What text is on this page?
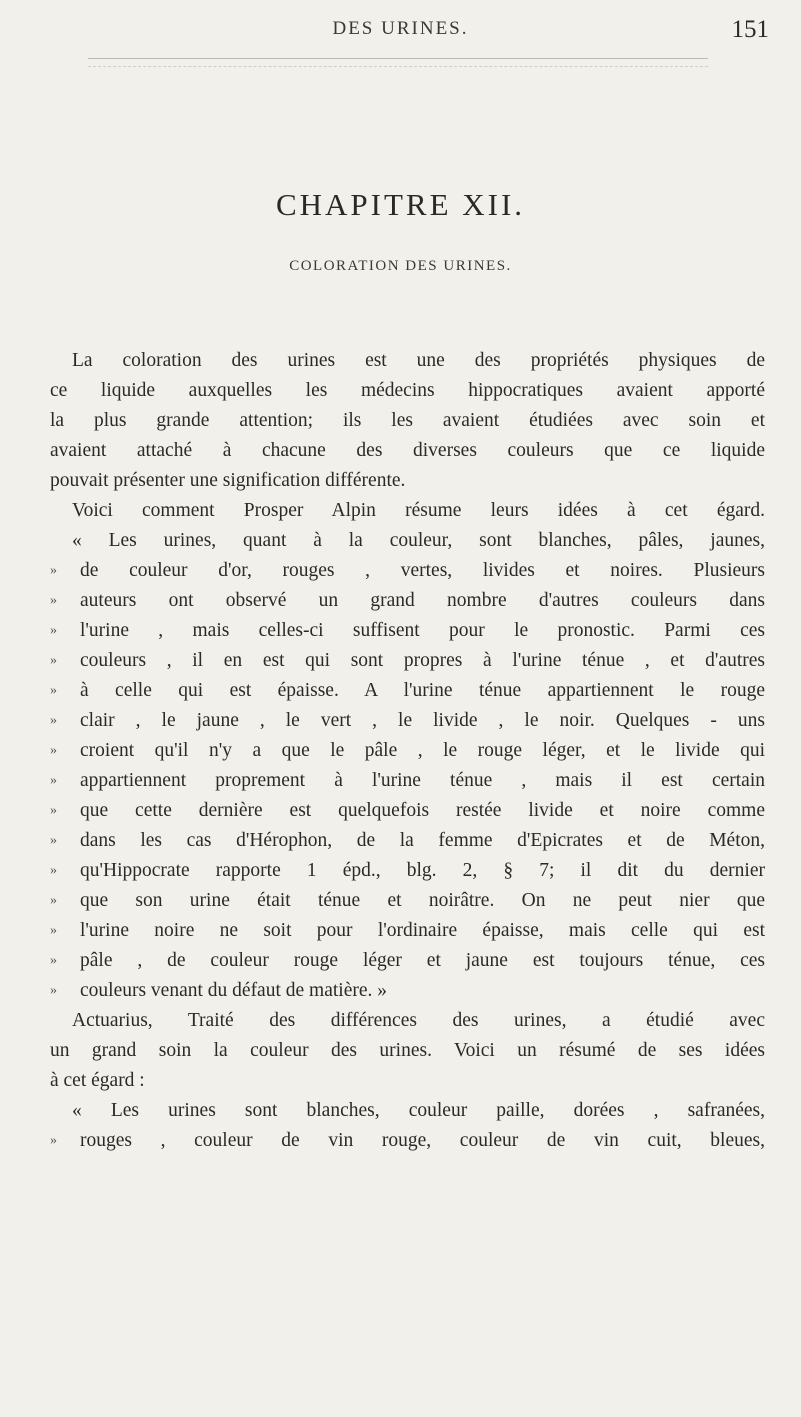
DES URINES.	151
CHAPITRE XII.
COLORATION DES URINES.
La coloration des urines est une des propriétés physiques de
ce liquide auxquelles les médecins hippocratiques avaient apporté
la plus grande attention; ils les avaient étudiées avec soin et
avaient attaché à chacune des diverses couleurs que ce liquide
pouvait présenter une signification différente.
Voici comment Prosper Alpin résume leurs idées à cet égard.
« Les urines, quant à la couleur, sont blanches, pâles, jaunes,
»	de couleur d'or, rouges , vertes, livides et noires. Plusieurs
»	auteurs ont observé un grand nombre d'autres couleurs dans
»	l'urine , mais celles-ci suffisent pour le pronostic. Parmi ces
»	couleurs , il en est qui sont propres à l'urine ténue , et d'autres
»	à celle qui est épaisse. A l'urine ténue appartiennent le rouge
»	clair , le jaune , le vert , le livide , le noir. Quelques - uns
»	croient qu'il n'y a que le pâle , le rouge léger, et le livide qui
»	appartiennent proprement à l'urine ténue , mais il est certain
»	que cette dernière est quelquefois restée livide et noire comme
»	dans les cas d'Hérophon, de la femme d'Epicrates et de Méton,
»	qu'Hippocrate rapporte 1 épd., blg. 2, § 7; il dit du dernier
»	que son urine était ténue et noirâtre. On ne peut nier que
»	l'urine noire ne soit pour l'ordinaire épaisse, mais celle qui est
»	pâle , de couleur rouge léger et jaune est toujours ténue, ces
»	couleurs venant du défaut de matière. »
Actuarius, Traité des différences des urines, a étudié avec
un grand soin la couleur des urines. Voici un résumé de ses idées
à cet égard :
« Les urines sont blanches, couleur paille, dorées , safranées,
»	rouges , couleur de vin rouge, couleur de vin cuit, bleues,
